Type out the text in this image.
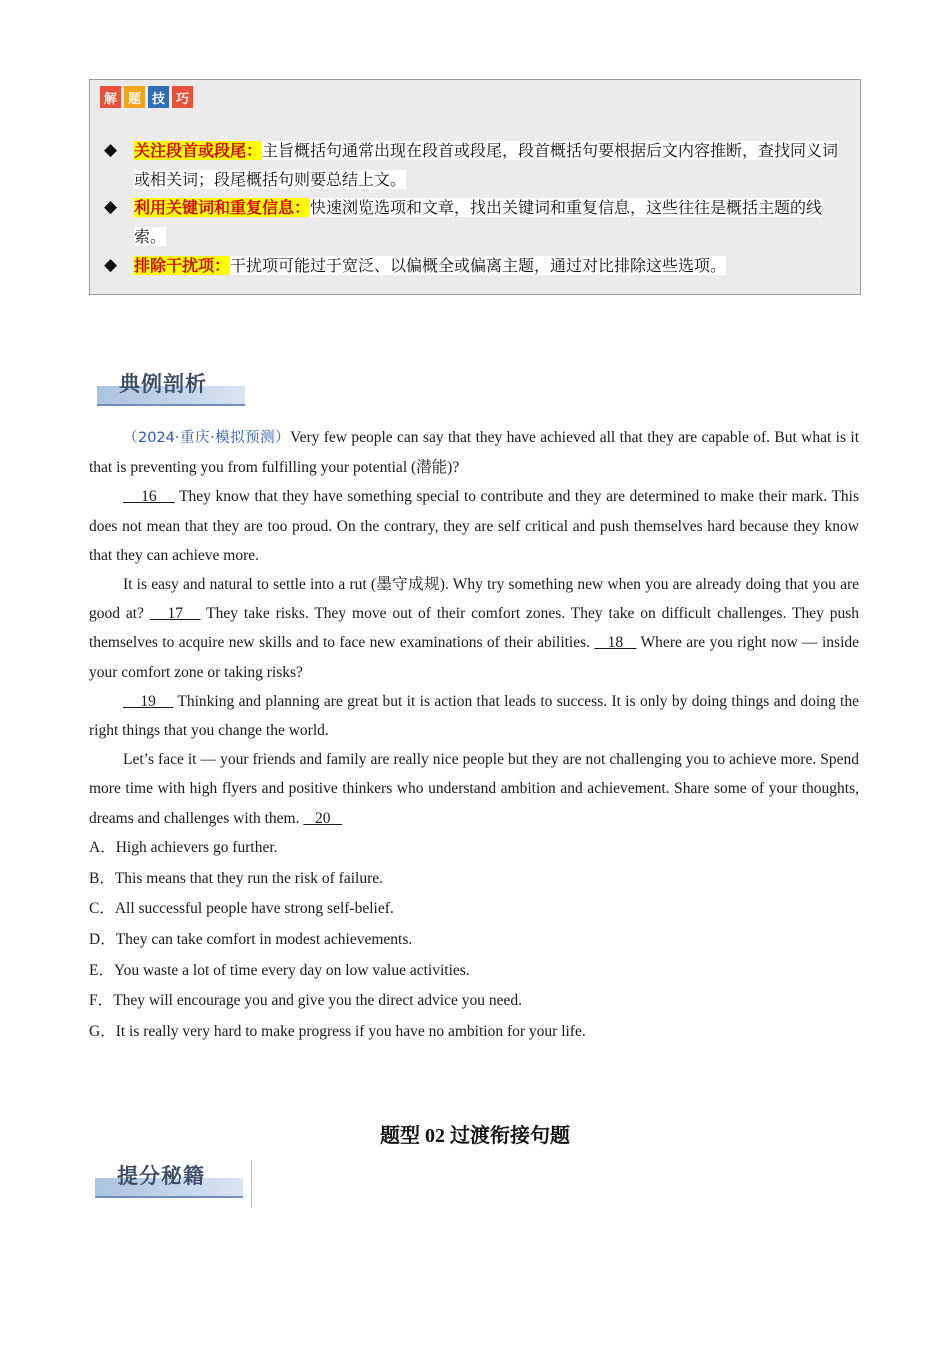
解 题 技 巧
◆ 关注段首或段尾：主旨概括句通常出现在段首或段尾，段首概括句要根据后文内容推断，查找同义词或相关词；段尾概括句则要总结上文。
◆ 利用关键词和重复信息：快速浏览选项和文章，找出关键词和重复信息，这些往往是概括主题的线索。
◆ 排除干扰项：干扰项可能过于宽泛、以偏概全或偏离主题，通过对比排除这些选项。
典例剖析

（2024·重庆·模拟预测）Very few people can say that they have achieved all that they are capable of. But what is it that is preventing you from fulfilling your potential (潜能)?

16     They know that they have something special to contribute and they are determined to make their mark. This does not mean that they are too proud. On the contrary, they are self critical and push themselves hard because they know that they can achieve more.

It is easy and natural to settle into a rut (墨守成规). Why try something new when you are already doing that you are good at?    17    They take risks. They move out of their comfort zones. They take on difficult challenges. They push themselves to acquire new skills and to face new examinations of their abilities.    18    Where are you right now — inside your comfort zone or taking risks?

19     Thinking and planning are great but it is action that leads to success. It is only by doing things and doing the right things that you change the world.

Let’s face it — your friends and family are really nice people but they are not challenging you to achieve more. Spend more time with high flyers and positive thinkers who understand ambition and achievement. Share some of your thoughts, dreams and challenges with them.    20

A．High achievers go further.
B．This means that they run the risk of failure.
C．All successful people have strong self-belief.
D．They can take comfort in modest achievements.
E．You waste a lot of time every day on low value activities.
F．They will encourage you and give you the direct advice you need.
G．It is really very hard to make progress if you have no ambition for your life.
题型 02 过渡衔接句题
提分秘籍
